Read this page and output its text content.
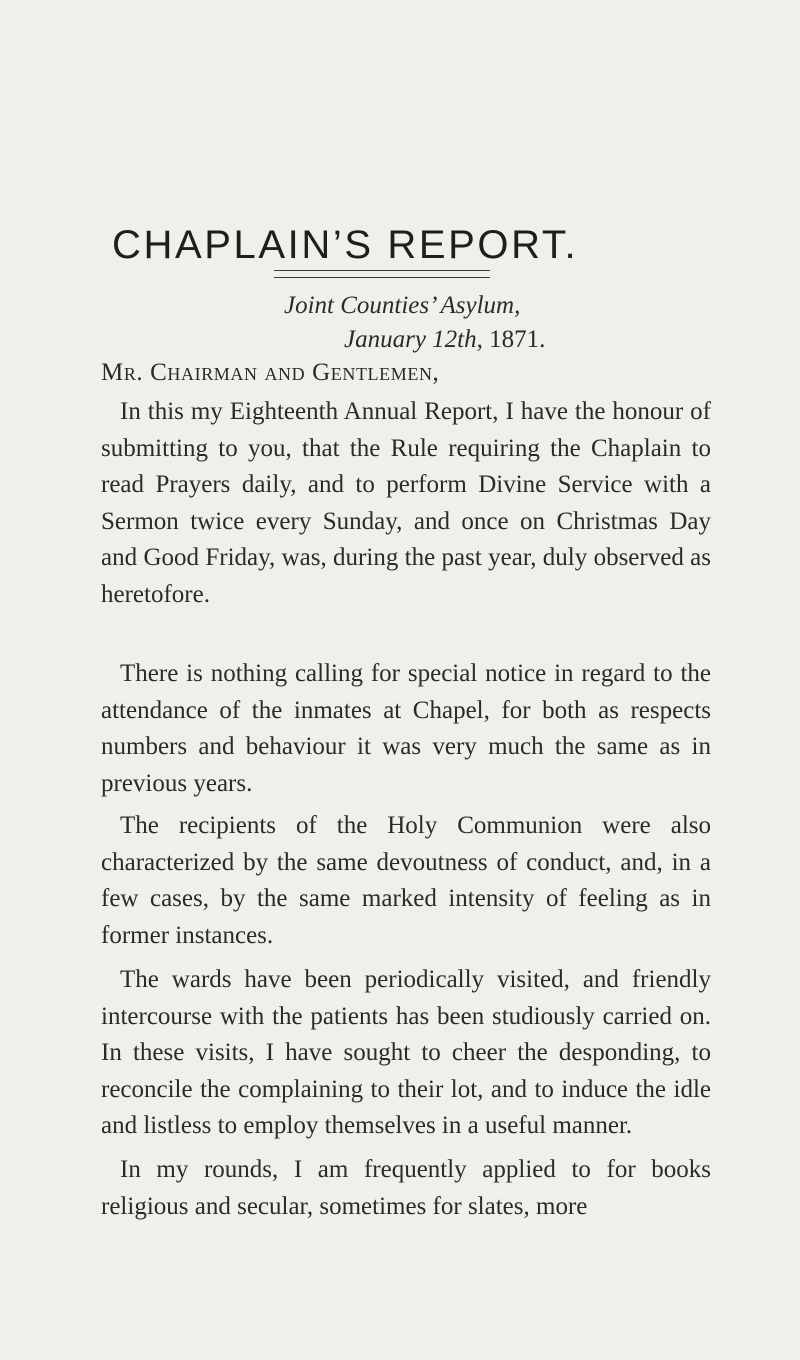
CHAPLAIN’S REPORT.
Joint Counties’ Asylum,
January 12th, 1871.
Mr. Chairman and Gentlemen,

In this my Eighteenth Annual Report, I have the honour of submitting to you, that the Rule requiring the Chaplain to read Prayers daily, and to perform Divine Service with a Sermon twice every Sunday, and once on Christmas Day and Good Friday, was, during the past year, duly observed as heretofore.

There is nothing calling for special notice in regard to the attendance of the inmates at Chapel, for both as respects numbers and behaviour it was very much the same as in previous years.

The recipients of the Holy Communion were also characterized by the same devoutness of conduct, and, in a few cases, by the same marked intensity of feeling as in former instances.

The wards have been periodically visited, and friendly intercourse with the patients has been studiously carried on. In these visits, I have sought to cheer the desponding, to reconcile the complaining to their lot, and to induce the idle and listless to employ themselves in a useful manner.

In my rounds, I am frequently applied to for books religious and secular, sometimes for slates, more
